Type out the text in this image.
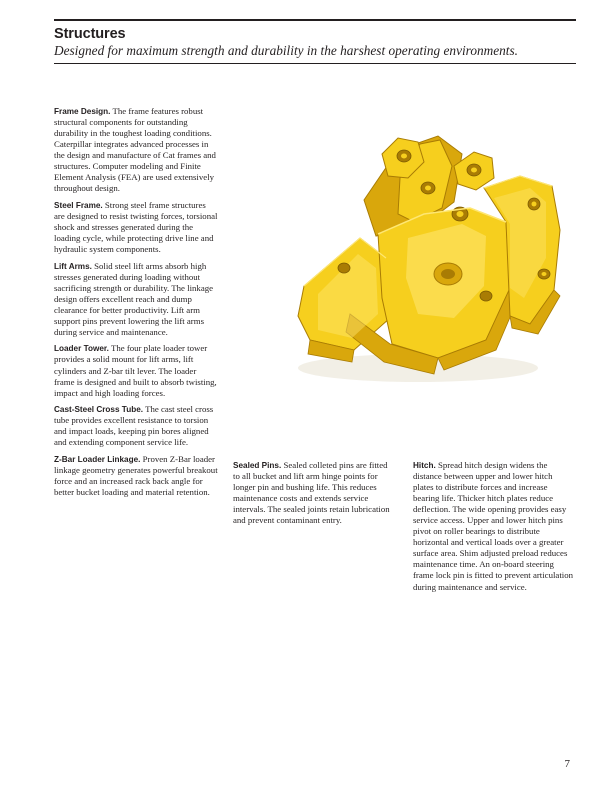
Structures

Designed for maximum strength and durability in the harshest operating environments.

Frame Design. The frame features robust structural components for outstanding durability in the toughest loading conditions. Caterpillar integrates advanced processes in the design and manufacture of Cat frames and structures. Computer modeling and Finite Element Analysis (FEA) are used extensively throughout design.

Steel Frame. Strong steel frame structures are designed to resist twisting forces, torsional shock and stresses generated during the loading cycle, while protecting drive line and hydraulic system components.

Lift Arms. Solid steel lift arms absorb high stresses generated during loading without sacrificing strength or durability. The linkage design offers excellent reach and dump clearance for better productivity. Lift arm support pins prevent lowering the lift arms during service and maintenance.

Loader Tower. The four plate loader tower provides a solid mount for lift arms, lift cylinders and Z-bar tilt lever. The loader frame is designed and built to absorb twisting, impact and high loading forces.

Cast-Steel Cross Tube. The cast steel cross tube provides excellent resistance to torsion and impact loads, keeping pin bores aligned and extending component service life.

Z-Bar Loader Linkage. Proven Z-Bar loader linkage geometry generates powerful breakout force and an increased rack back angle for better bucket loading and material retention.

Sealed Pins. Sealed colleted pins are fitted to all bucket and lift arm hinge points for longer pin and bushing life. This reduces maintenance costs and extends service intervals. The sealed joints retain lubrication and prevent contaminant entry.

Hitch. Spread hitch design widens the distance between upper and lower hitch plates to distribute forces and increase bearing life. Thicker hitch plates reduce deflection. The wide opening provides easy service access. Upper and lower hitch pins pivot on roller bearings to distribute horizontal and vertical loads over a greater surface area. Shim adjusted preload reduces maintenance time. An on-board steering frame lock pin is fitted to prevent articulation during maintenance and service.

7
